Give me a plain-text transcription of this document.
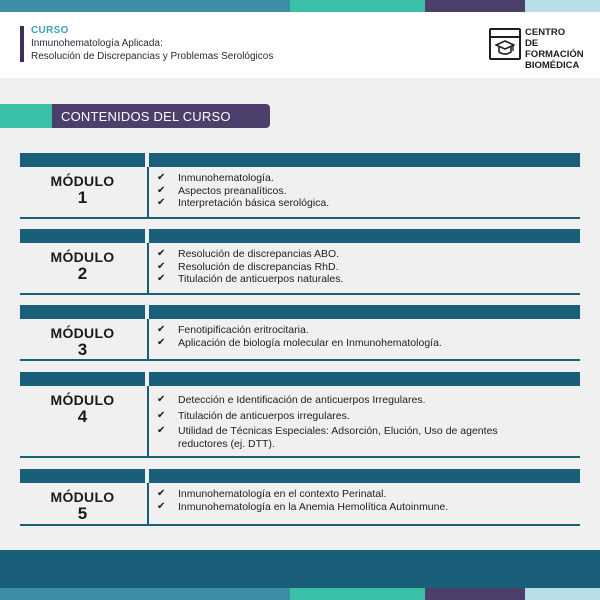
CURSO
Inmunohematología Aplicada:
Resolución de Discrepancias y Problemas Serológicos
CENTRO
DE FORMACIÓN
BIOMÉDICA
CONTENIDOS DEL CURSO
MÓDULO
1
✔ Inmunohematología.
✔ Aspectos preanalíticos.
✔ Interpretación básica serológica.
MÓDULO
2
✔ Resolución de discrepancias ABO.
✔ Resolución de discrepancias RhD.
✔ Titulación de anticuerpos naturales.
MÓDULO
3
✔ Fenotipificación eritrocitaria.
✔ Aplicación de biología molecular en Inmunohematología.
MÓDULO
4
✔ Detección e Identificación de anticuerpos Irregulares.
✔ Titulación de anticuerpos irregulares.
✔ Utilidad de Técnicas Especiales: Adsorción, Elución, Uso de agentes reductores (ej. DTT).
MÓDULO
5
✔ Inmunohematología en el contexto Perinatal.
✔ Inmunohematología en la Anemia Hemolítica Autoinmune.
